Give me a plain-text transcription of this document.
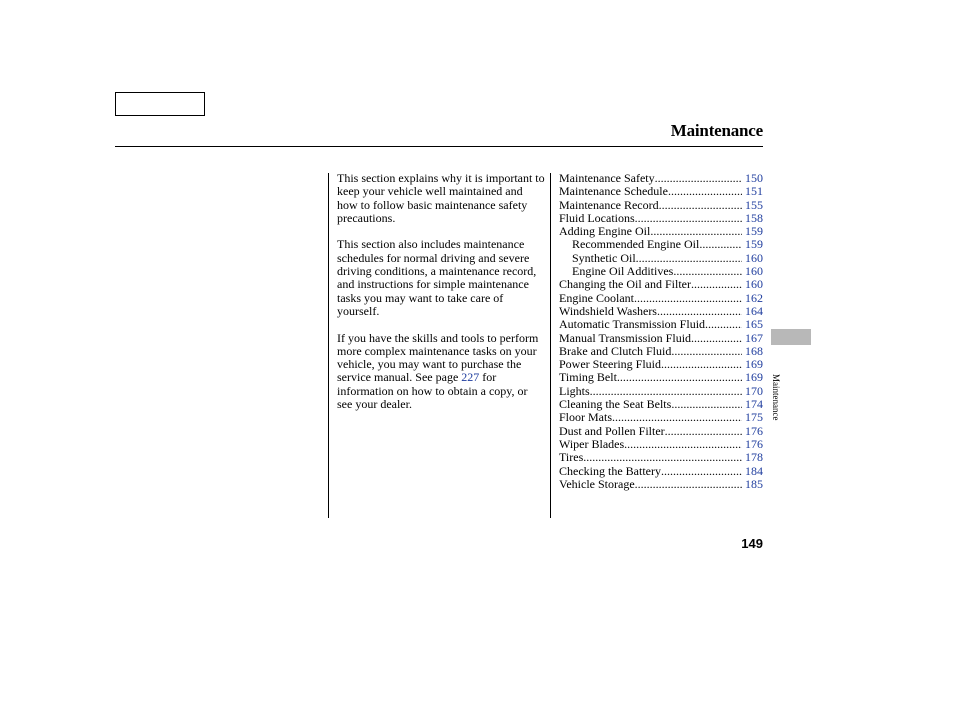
Maintenance

This section explains why it is important to keep your vehicle well maintained and how to follow basic maintenance safety precautions.

This section also includes maintenance schedules for normal driving and severe driving conditions, a maintenance record, and instructions for simple maintenance tasks you may want to take care of yourself.

If you have the skills and tools to perform more complex maintenance tasks on your vehicle, you may want to purchase the service manual. See page 227 for information on how to obtain a copy, or see your dealer.

Maintenance Safety .....	150
Maintenance Schedule .....	151
Maintenance Record .....	155
Fluid Locations .....	158
Adding Engine Oil .....	159
Recommended Engine Oil .....	159
Synthetic Oil .....	160
Engine Oil Additives .....	160
Changing the Oil and Filter .....	160
Engine Coolant .....	162
Windshield Washers .....	164
Automatic Transmission Fluid .....	165
Manual Transmission Fluid .....	167
Brake and Clutch Fluid .....	168
Power Steering Fluid .....	169
Timing Belt .....	169
Lights .....	170
Cleaning the Seat Belts .....	174
Floor Mats .....	175
Dust and Pollen Filter .....	176
Wiper Blades .....	176
Tires .....	178
Checking the Battery .....	184
Vehicle Storage .....	185
Maintenance
149
